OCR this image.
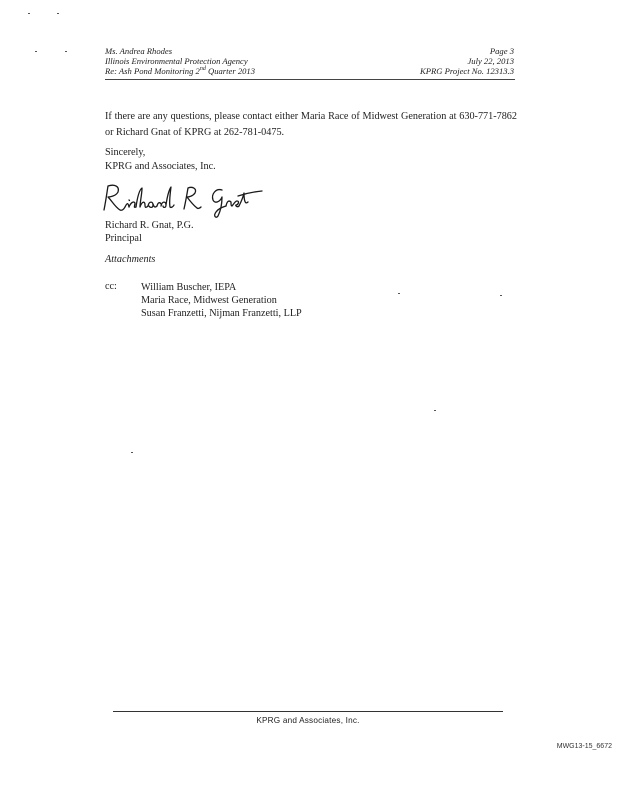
Ms. Andrea Rhodes
Illinois Environmental Protection Agency
Re: Ash Pond Monitoring 2nd Quarter 2013
Page 3
July 22, 2013
KPRG Project No. 12313.3
If there are any questions, please contact either Maria Race of Midwest Generation at 630-771-7862 or Richard Gnat of KPRG at 262-781-0475.
Sincerely,
KPRG and Associates, Inc.
Richard R. Gnat, P.G.
Principal
Attachments
cc: William Buscher, IEPA
Maria Race, Midwest Generation
Susan Franzetti, Nijman Franzetti, LLP
KPRG and Associates, Inc.
MWG13-15_6672
